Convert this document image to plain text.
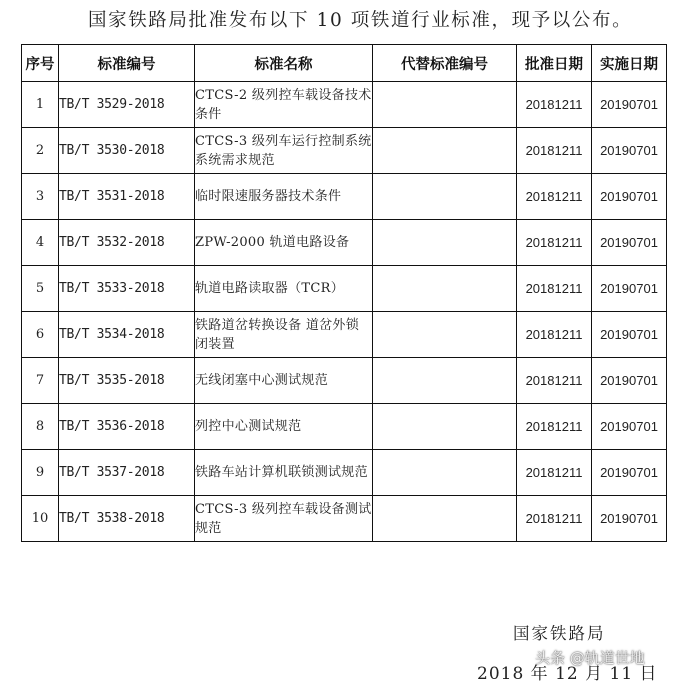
国家铁路局批准发布以下 10 项铁道行业标准，现予以公布。
序号	标准编号	标准名称	代替标准编号	批准日期	实施日期
1	TB/T 3529-2018	CTCS-2 级列控车载设备技术条件		20181211	20190701
2	TB/T 3530-2018	CTCS-3 级列车运行控制系统系统需求规范		20181211	20190701
3	TB/T 3531-2018	临时限速服务器技术条件		20181211	20190701
4	TB/T 3532-2018	ZPW-2000 轨道电路设备		20181211	20190701
5	TB/T 3533-2018	轨道电路读取器（TCR）		20181211	20190701
6	TB/T 3534-2018	铁路道岔转换设备 道岔外锁闭装置		20181211	20190701
7	TB/T 3535-2018	无线闭塞中心测试规范		20181211	20190701
8	TB/T 3536-2018	列控中心测试规范		20181211	20190701
9	TB/T 3537-2018	铁路车站计算机联锁测试规范		20181211	20190701
10	TB/T 3538-2018	CTCS-3 级列控车载设备测试规范		20181211	20190701
国家铁路局
2018 年 12 月 11 日
头条 @轨道世地
